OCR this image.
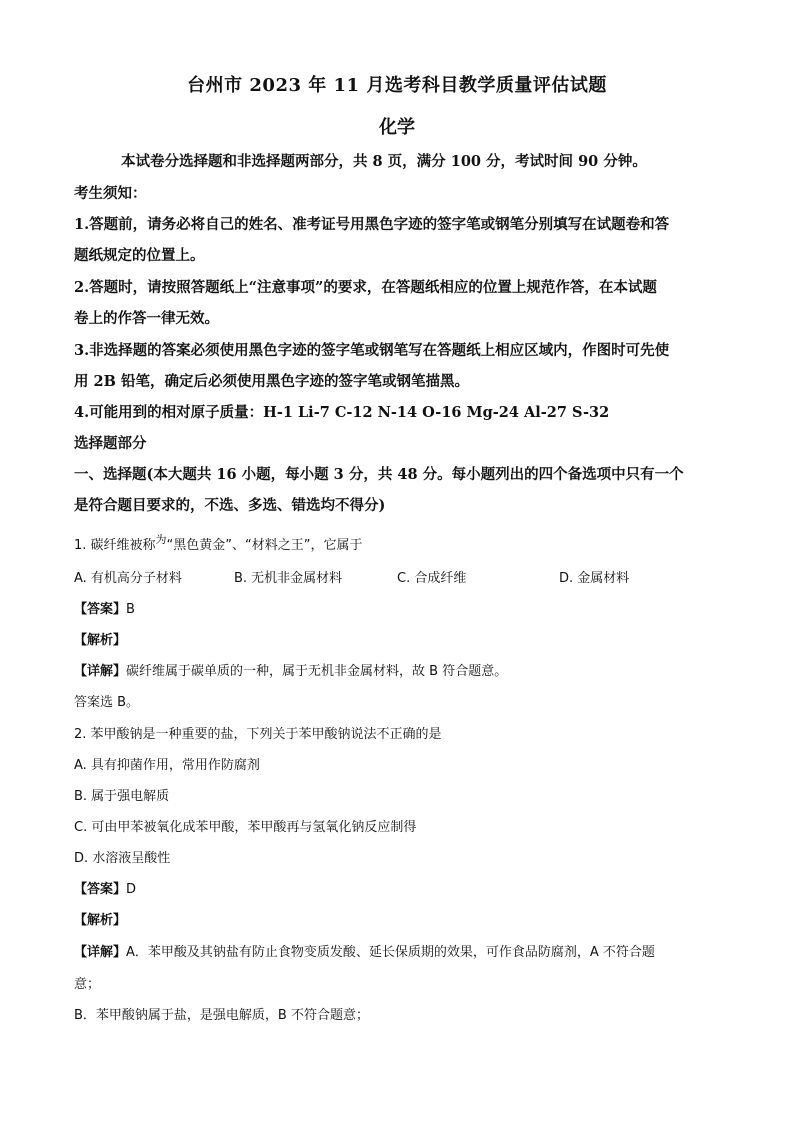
台州市 2023 年 11 月选考科目教学质量评估试题
化学
本试卷分选择题和非选择题两部分，共 8 页，满分 100 分，考试时间 90 分钟。
考生须知：
1.答题前，请务必将自己的姓名、准考证号用黑色字迹的签字笔或钢笔分别填写在试题卷和答
题纸规定的位置上。
2.答题时，请按照答题纸上“注意事项”的要求，在答题纸相应的位置上规范作答，在本试题
卷上的作答一律无效。
3.非选择题的答案必须使用黑色字迹的签字笔或钢笔写在答题纸上相应区域内，作图时可先使
用 2B 铅笔，确定后必须使用黑色字迹的签字笔或钢笔描黑。
4.可能用到的相对原子质量：H-1 Li-7 C-12 N-14 O-16 Mg-24 Al-27 S-32
选择题部分
一、选择题(本大题共 16 小题，每小题 3 分，共 48 分。每小题列出的四个备选项中只有一个
是符合题目要求的，不选、多选、错选均不得分)
1. 碳纤维被称$^为$“黑色黄金”、“材料之王”，它属于
A. 有机高分子材料	B. 无机非金属材料	C. 合成纤维	D. 金属材料
【答案】B
【解析】
【详解】碳纤维属于碳单质的一种，属于无机非金属材料，故 B 符合题意。
答案选 B。
2. 苯甲酸钠是一种重要的盐，下列关于苯甲酸钠说法不正确的是
A. 具有抑菌作用，常用作防腐剂
B. 属于强电解质
C. 可由甲苯被氧化成苯甲酸，苯甲酸再与氢氧化钠反应制得
D. 水溶液呈酸性
【答案】D
【解析】
【详解】A．苯甲酸及其钠盐有防止食物变质发酸、延长保质期的效果，可作食品防腐剂，A 不符合题
意；
B．苯甲酸钠属于盐，是强电解质，B 不符合题意；
